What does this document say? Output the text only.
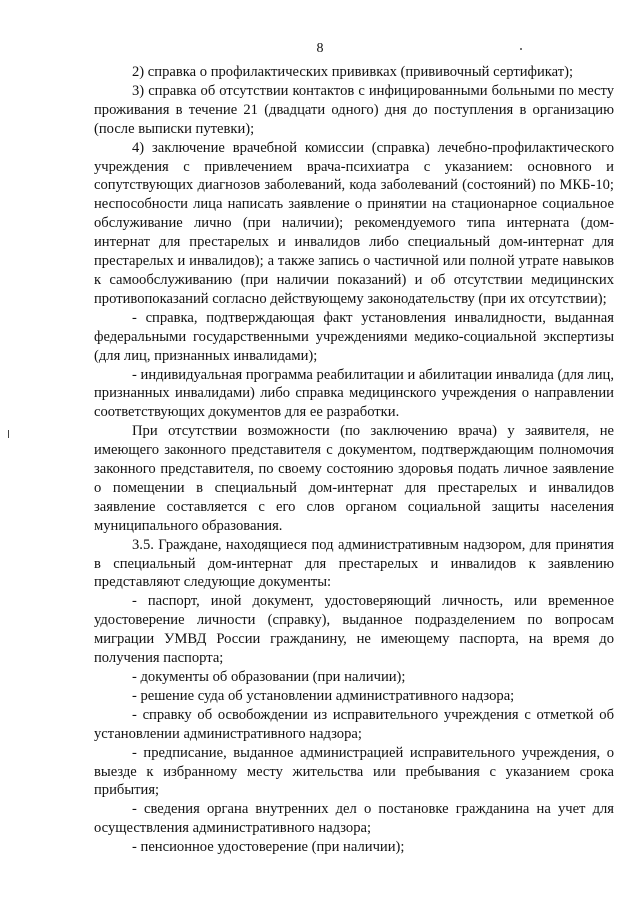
8

2) справка о профилактических прививках (прививочный сертификат);

3) справка об отсутствии контактов с инфицированными больными по месту проживания в течение 21 (двадцати одного) дня до поступления в организацию (после выписки путевки);

4) заключение врачебной комиссии (справка) лечебно-профилактического учреждения с привлечением врача-психиатра с указанием: основного и сопутствующих диагнозов заболеваний, кода заболеваний (состояний) по МКБ-10; неспособности лица написать заявление о принятии на стационарное социальное обслуживание лично (при наличии); рекомендуемого типа интерната (дом-интернат для престарелых и инвалидов либо специальный дом-интернат для престарелых и инвалидов); а также запись о частичной или полной утрате навыков к самообслуживанию (при наличии показаний) и об отсутствии медицинских противопоказаний согласно действующему законодательству (при их отсутствии);

- справка, подтверждающая факт установления инвалидности, выданная федеральными государственными учреждениями медико-социальной экспертизы (для лиц, признанных инвалидами);

- индивидуальная программа реабилитации и абилитации инвалида (для лиц, признанных инвалидами) либо справка медицинского учреждения о направлении соответствующих документов для ее разработки.

При отсутствии возможности (по заключению врача) у заявителя, не имеющего законного представителя с документом, подтверждающим полномочия законного представителя, по своему состоянию здоровья подать личное заявление о помещении в специальный дом-интернат для престарелых и инвалидов заявление составляется с его слов органом социальной защиты населения муниципального образования.

3.5. Граждане, находящиеся под административным надзором, для принятия в специальный дом-интернат для престарелых и инвалидов к заявлению представляют следующие документы:

- паспорт, иной документ, удостоверяющий личность, или временное удостоверение личности (справку), выданное подразделением по вопросам миграции УМВД России гражданину, не имеющему паспорта, на время до получения паспорта;

- документы об образовании (при наличии);

- решение суда об установлении административного надзора;

- справку об освобождении из исправительного учреждения с отметкой об установлении административного надзора;

- предписание, выданное администрацией исправительного учреждения, о выезде к избранному месту жительства или пребывания с указанием срока прибытия;

- сведения органа внутренних дел о постановке гражданина на учет для осуществления административного надзора;

- пенсионное удостоверение (при наличии);
